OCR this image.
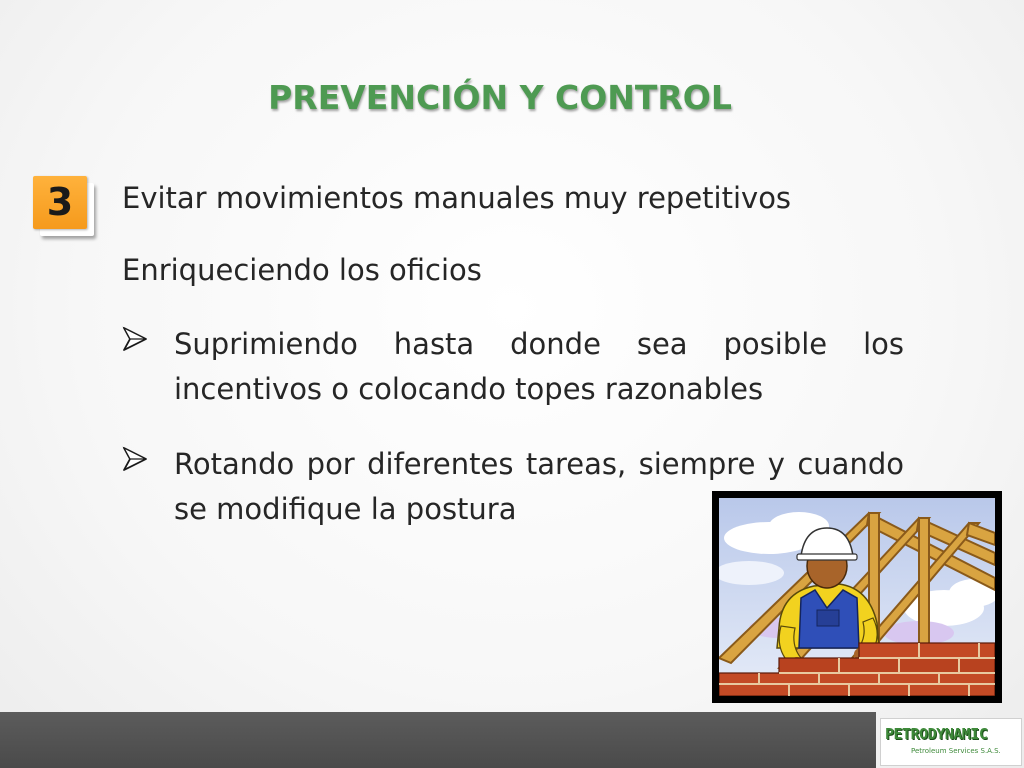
PREVENCIÓN Y CONTROL
3	Evitar movimientos manuales muy repetitivos
Enriqueciendo los oficios
Suprimiendo hasta donde sea posible los incentivos o colocando topes razonables
Rotando por diferentes tareas, siempre y cuando se modifique la postura
PETRODYNAMIC
Petroleum Services S.A.S.
